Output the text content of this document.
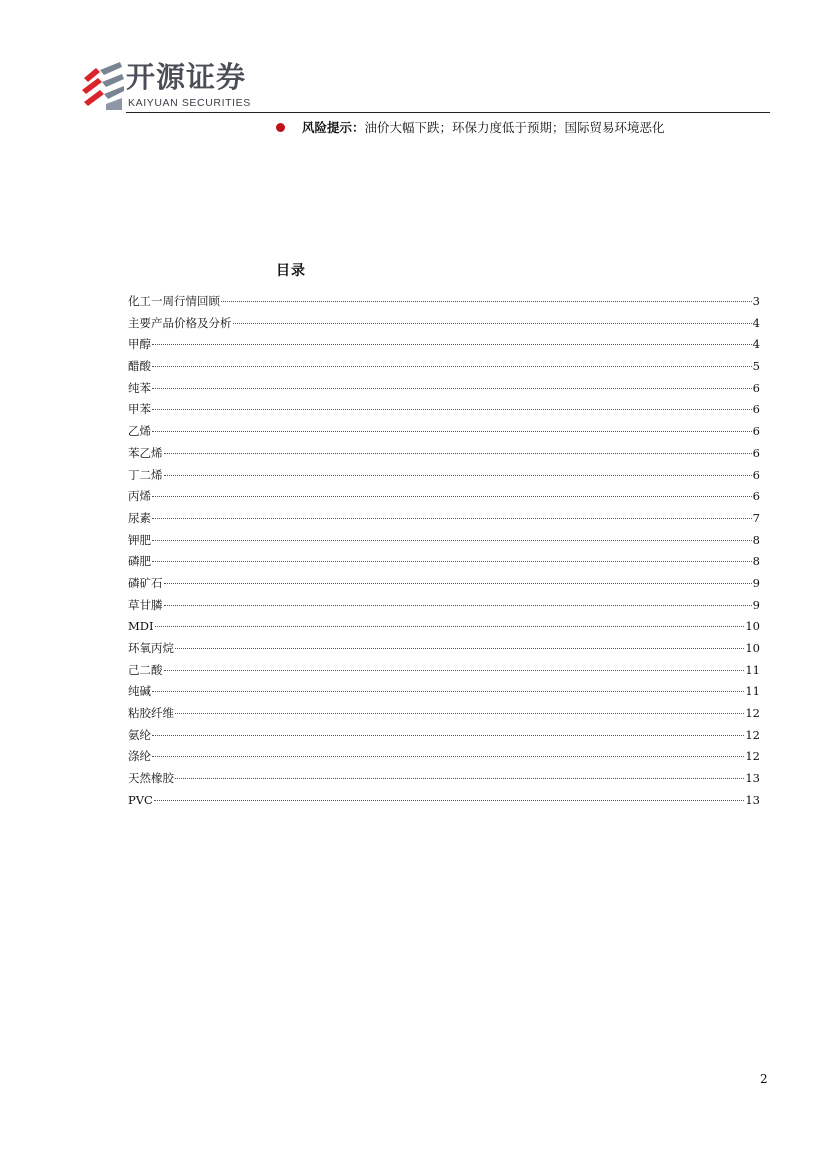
开源证券
KAIYUAN SECURITIES
风险提示：油价大幅下跌；环保力度低于预期；国际贸易环境恶化
目录
化工一周行情回顾	3
主要产品价格及分析	4
甲醇	4
醋酸	5
纯苯	6
甲苯	6
乙烯	6
苯乙烯	6
丁二烯	6
丙烯	6
尿素	7
钾肥	8
磷肥	8
磷矿石	9
草甘膦	9
MDI	10
环氧丙烷	10
己二酸	11
纯碱	11
粘胶纤维	12
氨纶	12
涤纶	12
天然橡胶	13
PVC	13
2
